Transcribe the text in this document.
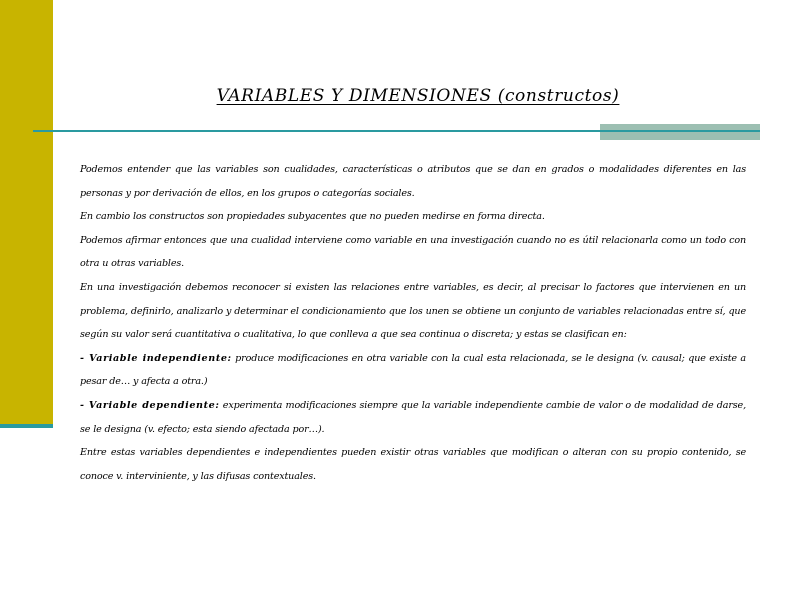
VARIABLES Y DIMENSIONES (constructos)

Podemos entender que las variables son cualidades, características o atributos que se dan en grados o modalidades diferentes en las personas y por derivación de ellos, en los grupos o categorías sociales.

En cambio los constructos son propiedades subyacentes que no pueden medirse en forma directa.

Podemos afirmar entonces que una cualidad interviene como variable en una investigación cuando no es útil relacionarla como un todo con otra u otras variables.

En una investigación debemos reconocer si existen las relaciones entre variables, es decir, al precisar lo factores que intervienen en un problema, definirlo, analizarlo y determinar el condicionamiento que los unen se obtiene un conjunto de variables relacionadas entre sí, que según su valor será cuantitativa o cualitativa, lo que conlleva a que sea continua o discreta; y estas se clasifican en:

- Variable independiente: produce modificaciones en otra variable con la cual esta relacionada, se le designa (v. causal; que existe a pesar de… y afecta a otra.)

- Variable dependiente: experimenta modificaciones siempre que la variable independiente cambie de valor o de modalidad de darse, se le designa (v. efecto; esta siendo afectada por…).

Entre estas variables dependientes e independientes pueden existir otras variables que modifican o alteran con su propio contenido, se conoce v. interviniente, y las difusas contextuales.
